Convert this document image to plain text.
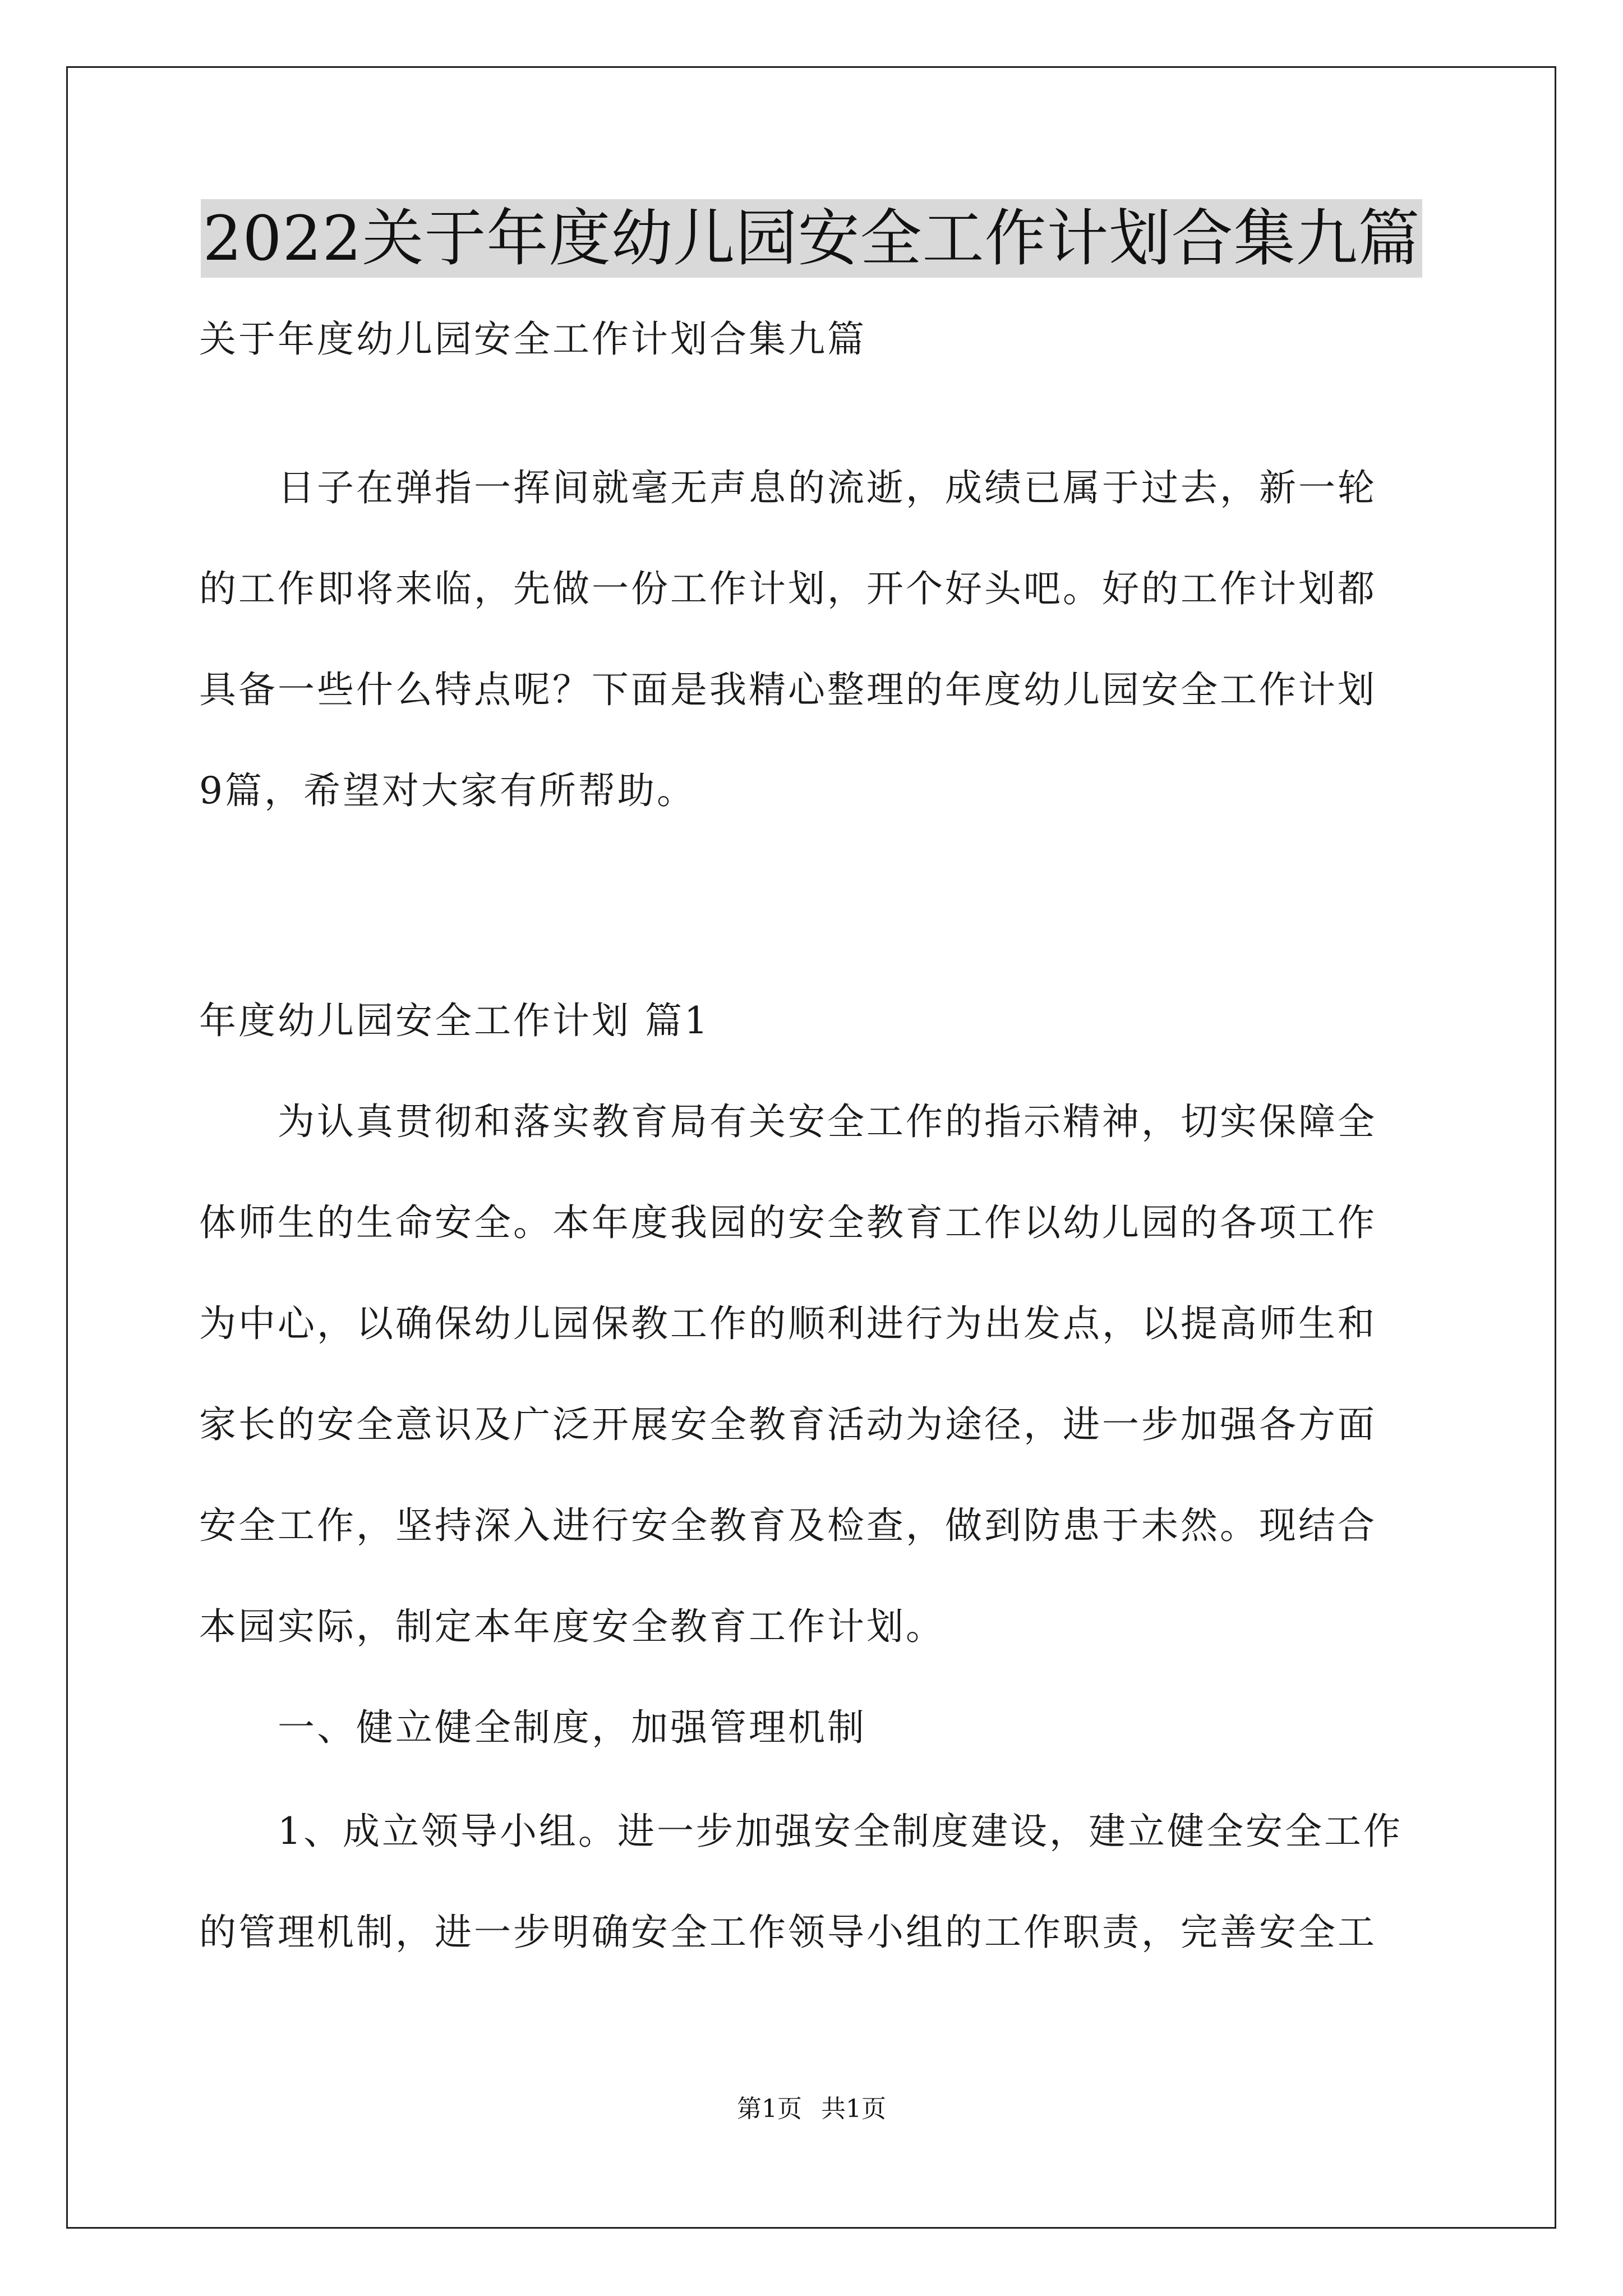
2022关于年度幼儿园安全工作计划合集九篇

关于年度幼儿园安全工作计划合集九篇

　　日子在弹指一挥间就毫无声息的流逝，成绩已属于过去，新一轮

的工作即将来临，先做一份工作计划，开个好头吧。好的工作计划都

具备一些什么特点呢？下面是我精心整理的年度幼儿园安全工作计划

9篇，希望对大家有所帮助。

年度幼儿园安全工作计划 篇1

　　为认真贯彻和落实教育局有关安全工作的指示精神，切实保障全

体师生的生命安全。本年度我园的安全教育工作以幼儿园的各项工作

为中心，以确保幼儿园保教工作的顺利进行为出发点，以提高师生和

家长的安全意识及广泛开展安全教育活动为途径，进一步加强各方面

安全工作，坚持深入进行安全教育及检查，做到防患于未然。现结合

本园实际，制定本年度安全教育工作计划。

　　一、健立健全制度，加强管理机制

　　1、成立领导小组。进一步加强安全制度建设，建立健全安全工作

的管理机制，进一步明确安全工作领导小组的工作职责，完善安全工

第1页 共1页
